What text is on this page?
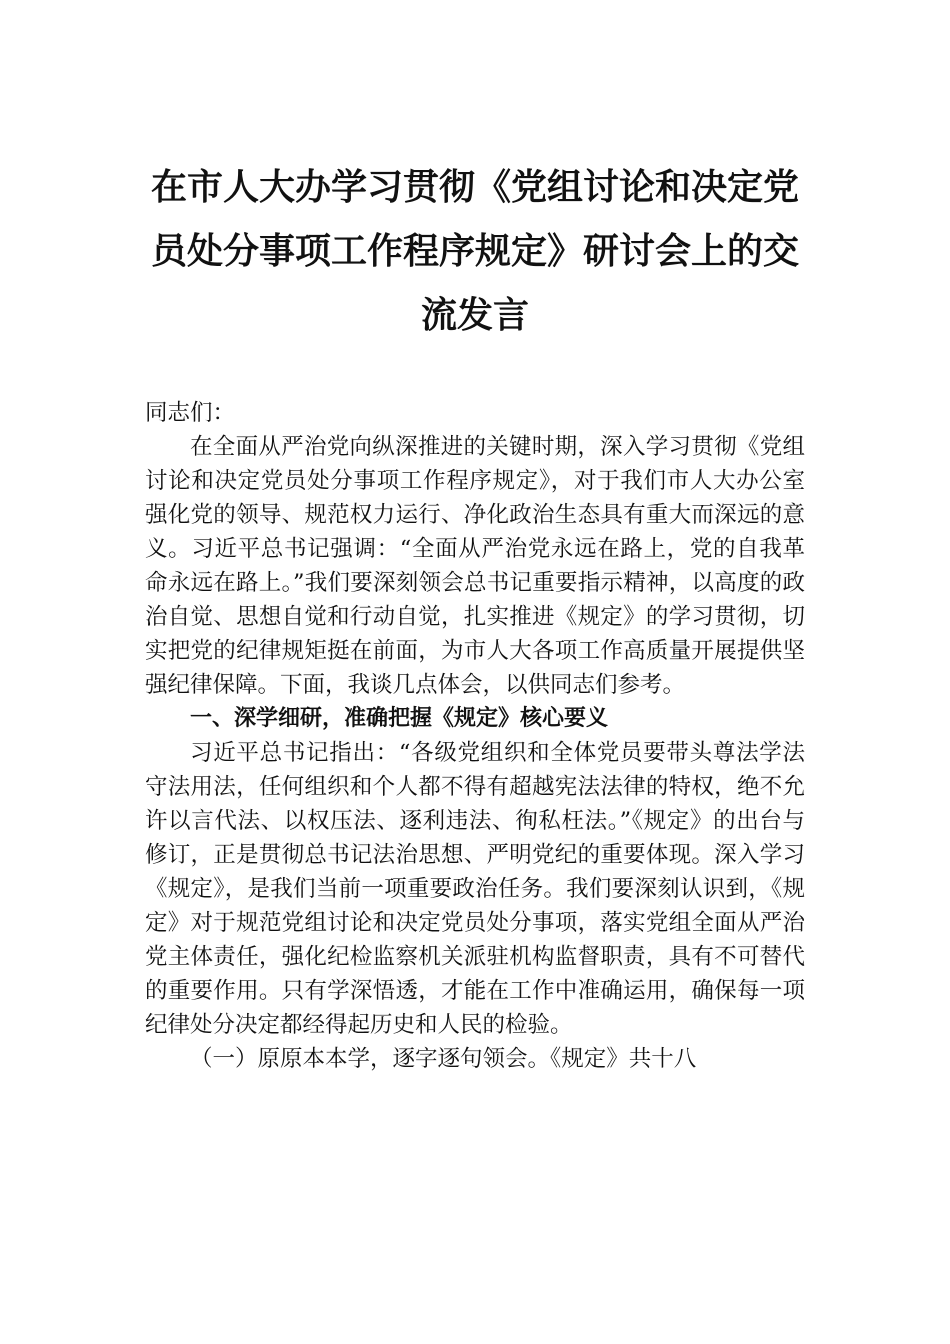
在市人大办学习贯彻《党组讨论和决定党员处分事项工作程序规定》研讨会上的交流发言

同志们：

在全面从严治党向纵深推进的关键时期，深入学习贯彻《党组讨论和决定党员处分事项工作程序规定》，对于我们市人大办公室强化党的领导、规范权力运行、净化政治生态具有重大而深远的意义。习近平总书记强调：“全面从严治党永远在路上，党的自我革命永远在路上。”我们要深刻领会总书记重要指示精神，以高度的政治自觉、思想自觉和行动自觉，扎实推进《规定》的学习贯彻，切实把党的纪律规矩挺在前面，为市人大各项工作高质量开展提供坚强纪律保障。下面，我谈几点体会，以供同志们参考。

一、深学细研，准确把握《规定》核心要义

习近平总书记指出：“各级党组织和全体党员要带头尊法学法守法用法，任何组织和个人都不得有超越宪法法律的特权，绝不允许以言代法、以权压法、逐利违法、徇私枉法。”《规定》的出台与修订，正是贯彻总书记法治思想、严明党纪的重要体现。深入学习《规定》，是我们当前一项重要政治任务。我们要深刻认识到，《规定》对于规范党组讨论和决定党员处分事项，落实党组全面从严治党主体责任，强化纪检监察机关派驻机构监督职责，具有不可替代的重要作用。只有学深悟透，才能在工作中准确运用，确保每一项纪律处分决定都经得起历史和人民的检验。

（一）原原本本学，逐字逐句领会。《规定》共十八
